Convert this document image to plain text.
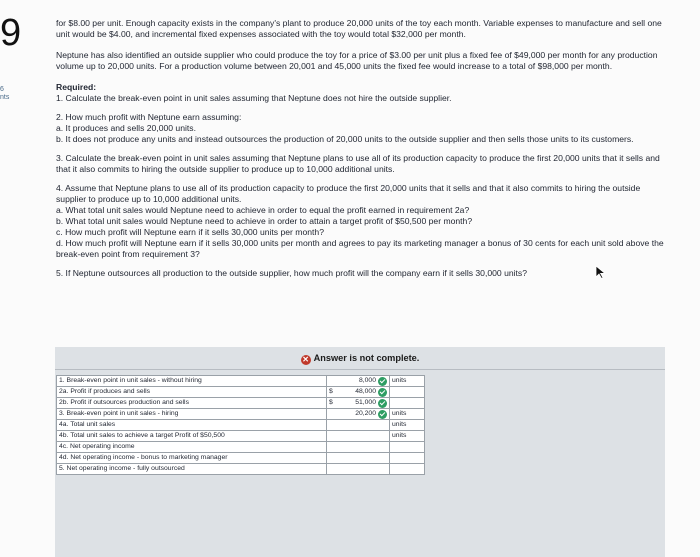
9
6
nts

for $8.00 per unit. Enough capacity exists in the company's plant to produce 20,000 units of the toy each month. Variable expenses to manufacture and sell one unit would be $4.00, and incremental fixed expenses associated with the toy would total $32,000 per month.

Neptune has also identified an outside supplier who could produce the toy for a price of $3.00 per unit plus a fixed fee of $49,000 per month for any production volume up to 20,000 units. For a production volume between 20,001 and 45,000 units the fixed fee would increase to a total of $98,000 per month.

Required:

1. Calculate the break-even point in unit sales assuming that Neptune does not hire the outside supplier.

2. How much profit with Neptune earn assuming:

a. It produces and sells 20,000 units.

b. It does not produce any units and instead outsources the production of 20,000 units to the outside supplier and then sells those units to its customers.

3. Calculate the break-even point in unit sales assuming that Neptune plans to use all of its production capacity to produce the first 20,000 units that it sells and that it also commits to hiring the outside supplier to produce up to 10,000 additional units.

4. Assume that Neptune plans to use all of its production capacity to produce the first 20,000 units that it sells and that it also commits to hiring the outside supplier to produce up to 10,000 additional units.

a. What total unit sales would Neptune need to achieve in order to equal the profit earned in requirement 2a?

b. What total unit sales would Neptune need to achieve in order to attain a target profit of $50,500 per month?

c. How much profit will Neptune earn if it sells 30,000 units per month?

d. How much profit will Neptune earn if it sells 30,000 units per month and agrees to pay its marketing manager a bonus of 30 cents for each unit sold above the break-even point from requirement 3?

5. If Neptune outsources all production to the outside supplier, how much profit will the company earn if it sells 30,000 units?

✕ Answer is not complete.
1. Break-even point in unit sales - without hiring	8,000	units
2a. Profit if produces and sells	$ 48,000	

2b. Profit if outsources production and sells	$ 51,000	

3. Break-even point in unit sales - hiring	20,200	units
4a. Total unit sales		units
4b. Total unit sales to achieve a target Profit of $50,500		units
4c. Net operating income		
4d. Net operating income - bonus to marketing manager		
5. Net operating income - fully outsourced		
